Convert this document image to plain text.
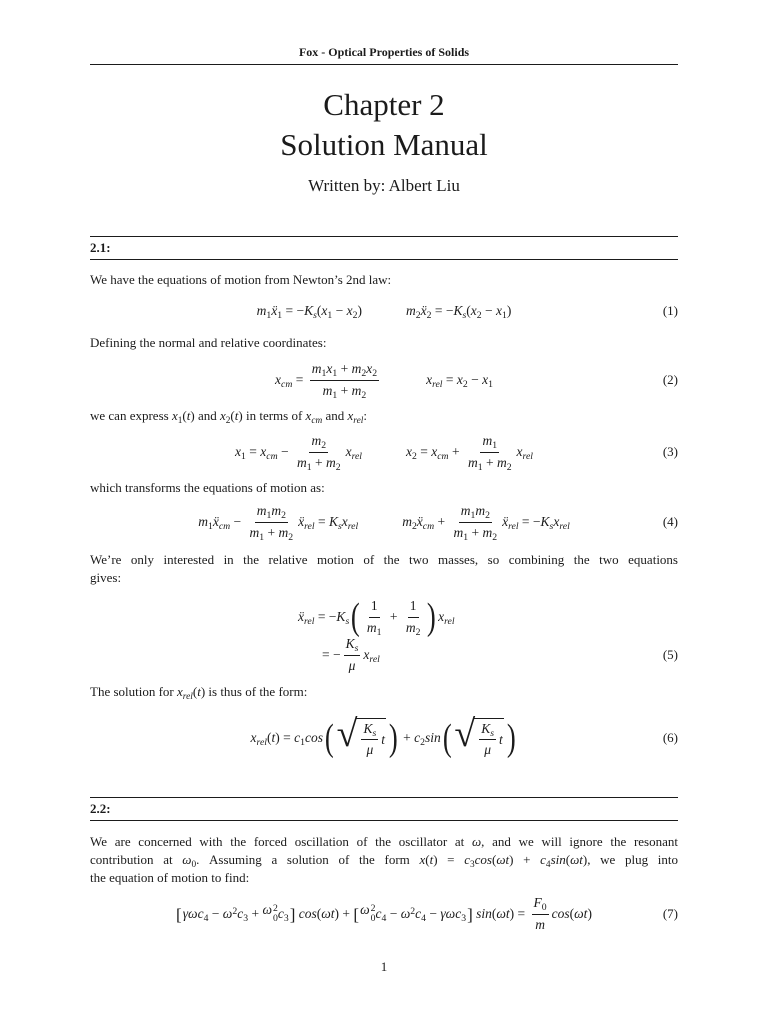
Fox - Optical Properties of Solids
Chapter 2
Solution Manual
Written by: Albert Liu
2.1:
We have the equations of motion from Newton’s 2nd law:
m 1 ẍ 1 = − K s ( x 1 − x 2 )	m 2 ẍ 2 = − K s ( x 2 − x 1 )	(1)
Defining the normal and relative coordinates:
x cm = $\frac{m 1 x 1 + m 2 x 2}{m 1 + m 2}$	x rel = x 2 − x 1	(2)
we can express $x_1(t)$ and $x_2(t)$ in terms of $x_{cm}$ and $x_{rel}$:
x 1 = x cm − $\frac{m 2}{m 1 + m 2}$ x rel	x 2 = x cm + $\frac{m 1}{m 1 + m 2}$ x rel	(3)
which transforms the equations of motion as:
m 1 ẍ cm − $\frac{m 1 m 2}{m 1 + m 2}$ ẍ rel = K s x rel	m 2 ẍ cm + $\frac{m 1 m 2}{m 1 + m 2}$ ẍ rel = − K s x rel	(4)
We’re only interested in the relative motion of the two masses, so combining the two equations
gives:
ẍ rel = − K s ( $\frac{1}{m 1} + \frac{1}{m 2}$ ) x rel
= − $\frac{\text{K s}}{\mu}$ x rel	(5)
The solution for $x_{rel}(t)$ is thus of the form:
x rel ( t ) = c 1 cos ( √ $\frac{\text{K s}}{\mu}$ t ) + c 2 sin ( √ $\frac{\text{K s}}{\mu}$ t )	(6)
2.2:
We are concerned with the forced oscillation of the oscillator at ω, and we will ignore the resonant
contribution at $\omega_0$. Assuming a solution of the form $x(t) = c_3\cos(\omega t) + c_4\sin(\omega t)$, we plug into
the equation of motion to find:
[ γωc 4 − ω 2 c 3 + ω 2
0 c 3 ]
cos ( ωt ) + [ ω 2
0 c 4 − ω 2 c 4 − γωc 3 ]
sin ( ωt ) = $\frac{F 0}{m}$ cos ( ωt )	(7)
1
